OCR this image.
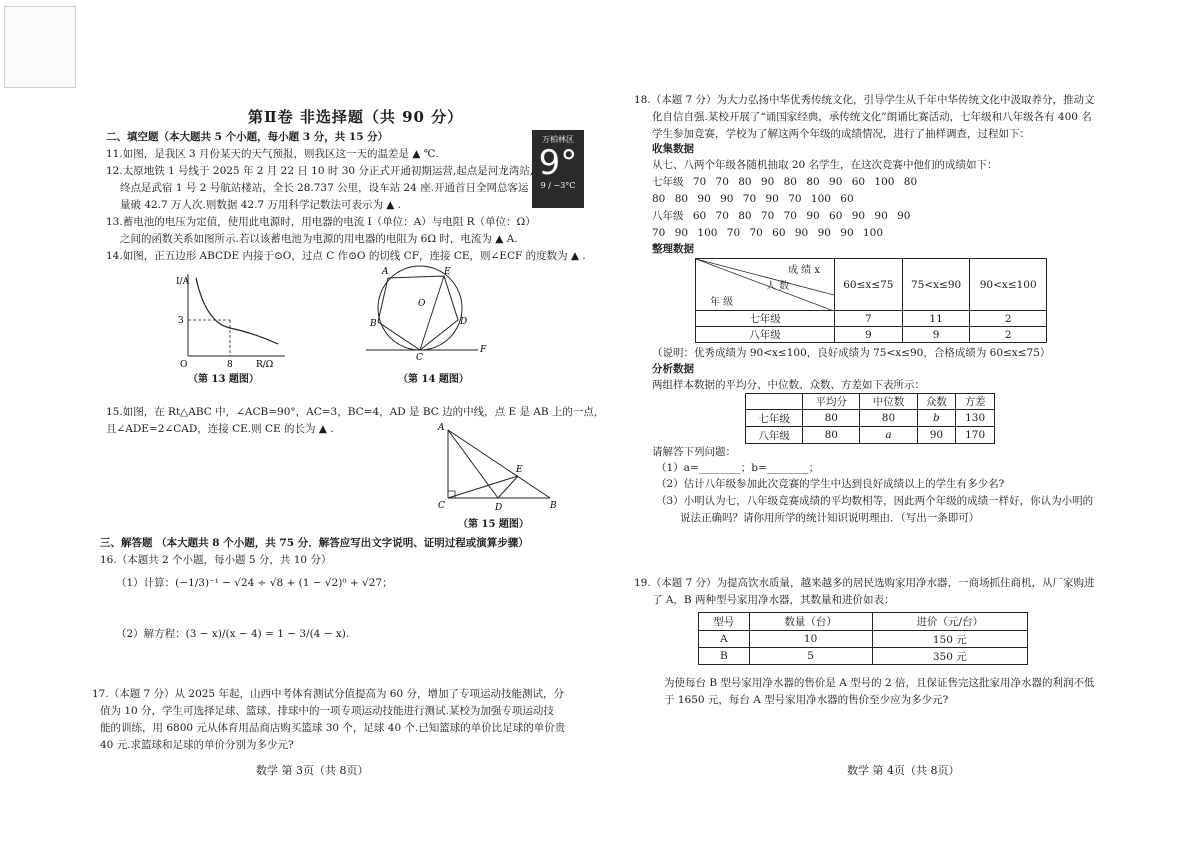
第Ⅱ卷 非选择题（共 90 分）
二、填空题（本大题共 5 个小题，每小题 3 分，共 15 分）
11.如图，是我区 3 月份某天的天气预报，则我区这一天的温差是 ▲ ℃.
万柏林区
9°
9 / −3°C
12.太原地铁 1 号线于 2025 年 2 月 22 日 10 时 30 分正式开通初期运营,起点是河龙湾站,
终点是武宿 1 号 2 号航站楼站，全长 28.737 公里，设车站 24 座.开通首日全网总客运
量破 42.7 万人次.则数据 42.7 万用科学记数法可表示为 ▲ .
13.蓄电池的电压为定值，使用此电源时，用电器的电流 I（单位：A）与电阻 R（单位：Ω）
之间的函数关系如图所示.若以该蓄电池为电源的用电器的电阻为 6Ω 时，电流为 ▲ A.
14.如图，正五边形 ABCDE 内接于⊙O，过点 C 作⊙O 的切线 CF，连接 CE，则∠ECF 的度数为 ▲ .
I/A
R/Ω
3
8
O
（第 13 题图）
A	E
B	D
C
F
O
（第 14 题图）
15.如图，在 Rt△ABC 中，∠ACB=90°，AC=3，BC=4，AD 是 BC 边的中线，点 E 是 AB 上的一点，
且∠ADE=2∠CAD，连接 CE.则 CE 的长为 ▲ .	A
C	D	B
E
（第 15 题图）
三、解答题 （本大题共 8 个小题，共 75 分．解答应写出文字说明、证明过程或演算步骤）
16.（本题共 2 个小题，每小题 5 分，共 10 分）
（1）计算：(−1/3)⁻¹ − √24 ÷ √8 + (1 − √2)⁰ + √27；
（2）解方程：(3 − x)/(x − 4) = 1 − 3/(4 − x).
17.（本题 7 分）从 2025 年起，山西中考体育测试分值提高为 60 分，增加了专项运动技能测试，分
值为 10 分，学生可选择足球、篮球、排球中的一项专项运动技能进行测试.某校为加强专项运动技
能的训练，用 6800 元从体育用品商店购买篮球 30 个，足球 40 个.已知篮球的单价比足球的单价贵
40 元.求篮球和足球的单价分别为多少元?
数学 第 3页（共 8页）
18.（本题 7 分）为大力弘扬中华优秀传统文化，引导学生从千年中华传统文化中汲取养分，推动文
化自信自强.某校开展了“诵国家经典，承传统文化”朗诵比赛活动，七年级和八年级各有 400 名
学生参加竞赛，学校为了解这两个年级的成绩情况，进行了抽样调查，过程如下：
收集数据
从七、八两个年级各随机抽取 20 名学生，在这次竞赛中他们的成绩如下：
七年级 70 70 80 90 80 80 90 60 100 80
80 80 90 90 70 90 70 100 60
八年级 60 70 80 70 70 90 60 90 90 90
70 90 100 70 70 60 90 90 90 100
整理数据
成 绩 x
人 数
年 级	60≤x≤75	75<x≤90	90<x≤100
七年级	7	11	2
八年级	9	9	2
（说明：优秀成绩为 90<x≤100，良好成绩为 75<x≤90，合格成绩为 60≤x≤75）
分析数据
两组样本数据的平均分、中位数、众数、方差如下表所示：
	平均分	中位数	众数	方差
七年级	80	80	b	130
八年级	80	a	90	170
请解答下列问题：
（1）a=________；b=________；
（2）估计八年级参加此次竞赛的学生中达到良好成绩以上的学生有多少名?
（3）小明认为七，八年级竞赛成绩的平均数相等，因此两个年级的成绩一样好，你认为小明的
说法正确吗？请你用所学的统计知识说明理由．（写出一条即可）
19.（本题 7 分）为提高饮水质量，越来越多的居民选购家用净水器，一商场抓住商机，从厂家购进
了 A，B 两种型号家用净水器，其数量和进价如表：
型号	数量（台）	进价（元/台）
A	10	150 元
B	5	350 元
为使每台 B 型号家用净水器的售价是 A 型号的 2 倍，且保证售完这批家用净水器的利润不低
于 1650 元，每台 A 型号家用净水器的售价至少应为多少元?
数学 第 4页（共 8页）
